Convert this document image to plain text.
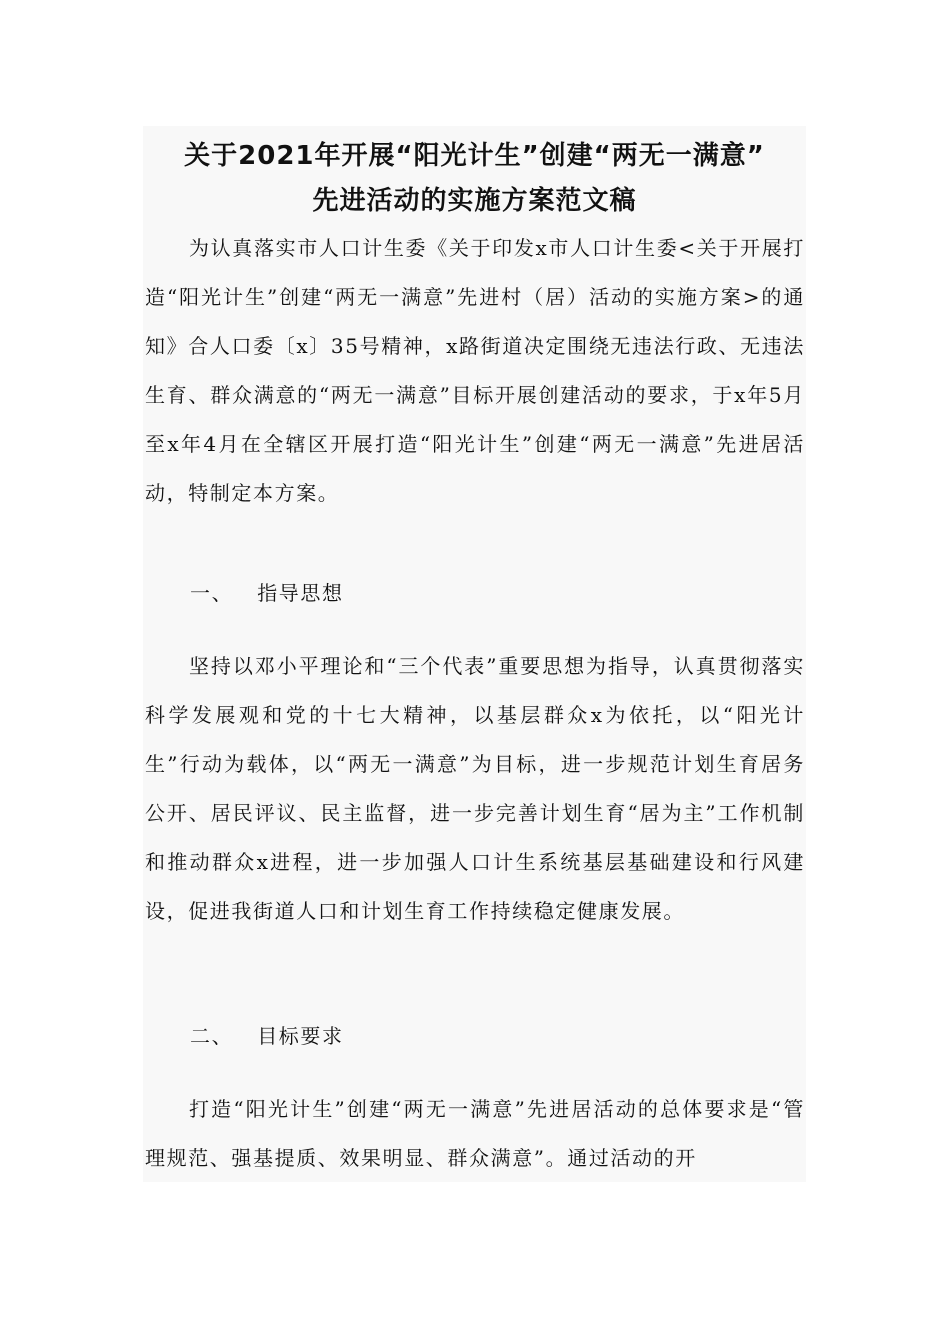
关于2021年开展“阳光计生”创建“两无一满意”
先进活动的实施方案范文稿

为认真落实市人口计生委《关于印发x市人口计生委<关于开展打造“阳光计生”创建“两无一满意”先进村（居）活动的实施方案>的通知》合人口委〔x〕35号精神，x路街道决定围绕无违法行政、无违法生育、群众满意的“两无一满意”目标开展创建活动的要求，于x年5月至x年4月在全辖区开展打造“阳光计生”创建“两无一满意”先进居活动，特制定本方案。

一、 指导思想

坚持以邓小平理论和“三个代表”重要思想为指导，认真贯彻落实科学发展观和党的十七大精神，以基层群众x为依托，以“阳光计生”行动为载体，以“两无一满意”为目标，进一步规范计划生育居务公开、居民评议、民主监督，进一步完善计划生育“居为主”工作机制和推动群众x进程，进一步加强人口计生系统基层基础建设和行风建设，促进我街道人口和计划生育工作持续稳定健康发展。

二、 目标要求

打造“阳光计生”创建“两无一满意”先进居活动的总体要求是“管理规范、强基提质、效果明显、群众满意”。通过活动的开
